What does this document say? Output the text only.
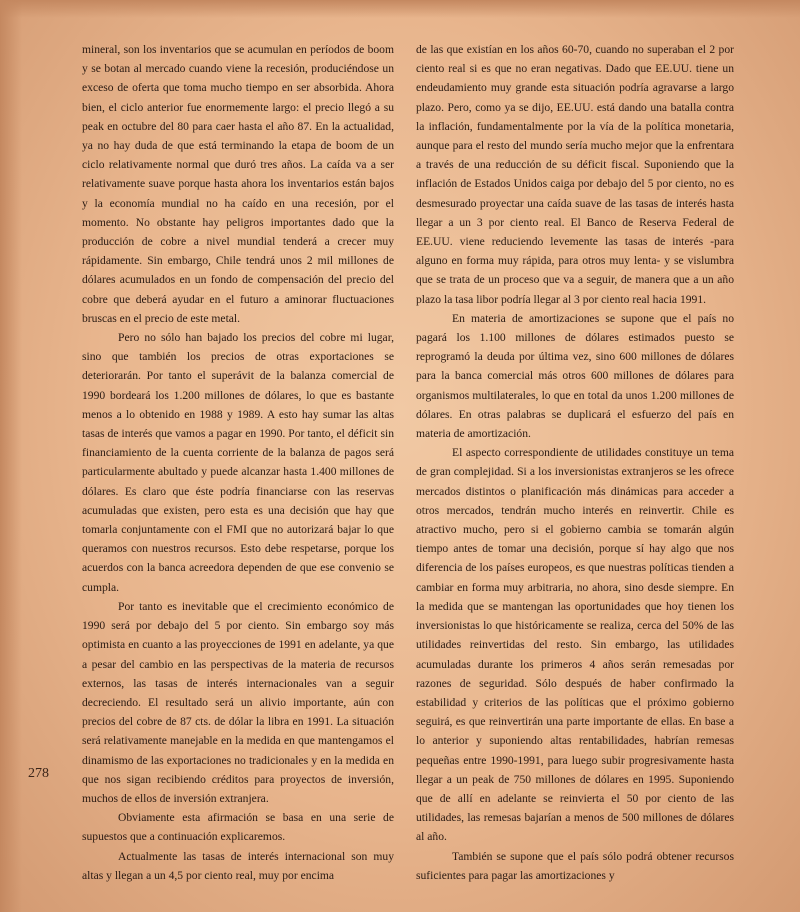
mineral, son los inventarios que se acumulan en períodos de boom y se botan al mercado cuando viene la recesión, produciéndose un exceso de oferta que toma mucho tiempo en ser absorbida. Ahora bien, el ciclo anterior fue enormemente largo: el precio llegó a su peak en octubre del 80 para caer hasta el año 87. En la actualidad, ya no hay duda de que está terminando la etapa de boom de un ciclo relativamente normal que duró tres años. La caída va a ser relativamente suave porque hasta ahora los inventarios están bajos y la economía mundial no ha caído en una recesión, por el momento. No obstante hay peligros importantes dado que la producción de cobre a nivel mundial tenderá a crecer muy rápidamente. Sin embargo, Chile tendrá unos 2 mil millones de dólares acumulados en un fondo de compensación del precio del cobre que deberá ayudar en el futuro a aminorar fluctuaciones bruscas en el precio de este metal.

Pero no sólo han bajado los precios del cobre mi lugar, sino que también los precios de otras exportaciones se deteriorarán. Por tanto el superávit de la balanza comercial de 1990 bordeará los 1.200 millones de dólares, lo que es bastante menos a lo obtenido en 1988 y 1989. A esto hay sumar las altas tasas de interés que vamos a pagar en 1990. Por tanto, el déficit sin financiamiento de la cuenta corriente de la balanza de pagos será particularmente abultado y puede alcanzar hasta 1.400 millones de dólares. Es claro que éste podría financiarse con las reservas acumuladas que existen, pero esta es una decisión que hay que tomarla conjuntamente con el FMI que no autorizará bajar lo que queramos con nuestros recursos. Esto debe respetarse, porque los acuerdos con la banca acreedora dependen de que ese convenio se cumpla.

Por tanto es inevitable que el crecimiento económico de 1990 será por debajo del 5 por ciento. Sin embargo soy más optimista en cuanto a las proyecciones de 1991 en adelante, ya que a pesar del cambio en las perspectivas de la materia de recursos externos, las tasas de interés internacionales van a seguir decreciendo. El resultado será un alivio importante, aún con precios del cobre de 87 cts. de dólar la libra en 1991. La situación será relativamente manejable en la medida en que mantengamos el dinamismo de las exportaciones no tradicionales y en la medida en que nos sigan recibiendo créditos para proyectos de inversión, muchos de ellos de inversión extranjera.

Obviamente esta afirmación se basa en una serie de supuestos que a continuación explicaremos.

Actualmente las tasas de interés internacional son muy altas y llegan a un 4,5 por ciento real, muy por encima

de las que existían en los años 60-70, cuando no superaban el 2 por ciento real si es que no eran negativas. Dado que EE.UU. tiene un endeudamiento muy grande esta situación podría agravarse a largo plazo. Pero, como ya se dijo, EE.UU. está dando una batalla contra la inflación, fundamentalmente por la vía de la política monetaria, aunque para el resto del mundo sería mucho mejor que la enfrentara a través de una reducción de su déficit fiscal. Suponiendo que la inflación de Estados Unidos caiga por debajo del 5 por ciento, no es desmesurado proyectar una caída suave de las tasas de interés hasta llegar a un 3 por ciento real. El Banco de Reserva Federal de EE.UU. viene reduciendo levemente las tasas de interés -para alguno en forma muy rápida, para otros muy lenta- y se vislumbra que se trata de un proceso que va a seguir, de manera que a un año plazo la tasa libor podría llegar al 3 por ciento real hacia 1991.

En materia de amortizaciones se supone que el país no pagará los 1.100 millones de dólares estimados puesto se reprogramó la deuda por última vez, sino 600 millones de dólares para la banca comercial más otros 600 millones de dólares para organismos multilaterales, lo que en total da unos 1.200 millones de dólares. En otras palabras se duplicará el esfuerzo del país en materia de amortización.

El aspecto correspondiente de utilidades constituye un tema de gran complejidad. Si a los inversionistas extranjeros se les ofrece mercados distintos o planificación más dinámicas para acceder a otros mercados, tendrán mucho interés en reinvertir. Chile es atractivo mucho, pero si el gobierno cambia se tomarán algún tiempo antes de tomar una decisión, porque sí hay algo que nos diferencia de los países europeos, es que nuestras políticas tienden a cambiar en forma muy arbitraria, no ahora, sino desde siempre. En la medida que se mantengan las oportunidades que hoy tienen los inversionistas lo que históricamente se realiza, cerca del 50% de las utilidades reinvertidas del resto. Sin embargo, las utilidades acumuladas durante los primeros 4 años serán remesadas por razones de seguridad. Sólo después de haber confirmado la estabilidad y criterios de las políticas que el próximo gobierno seguirá, es que reinvertirán una parte importante de ellas. En base a lo anterior y suponiendo altas rentabilidades, habrían remesas pequeñas entre 1990-1991, para luego subir progresivamente hasta llegar a un peak de 750 millones de dólares en 1995. Suponiendo que de allí en adelante se reinvierta el 50 por ciento de las utilidades, las remesas bajarían a menos de 500 millones de dólares al año.

También se supone que el país sólo podrá obtener recursos suficientes para pagar las amortizaciones y

278
